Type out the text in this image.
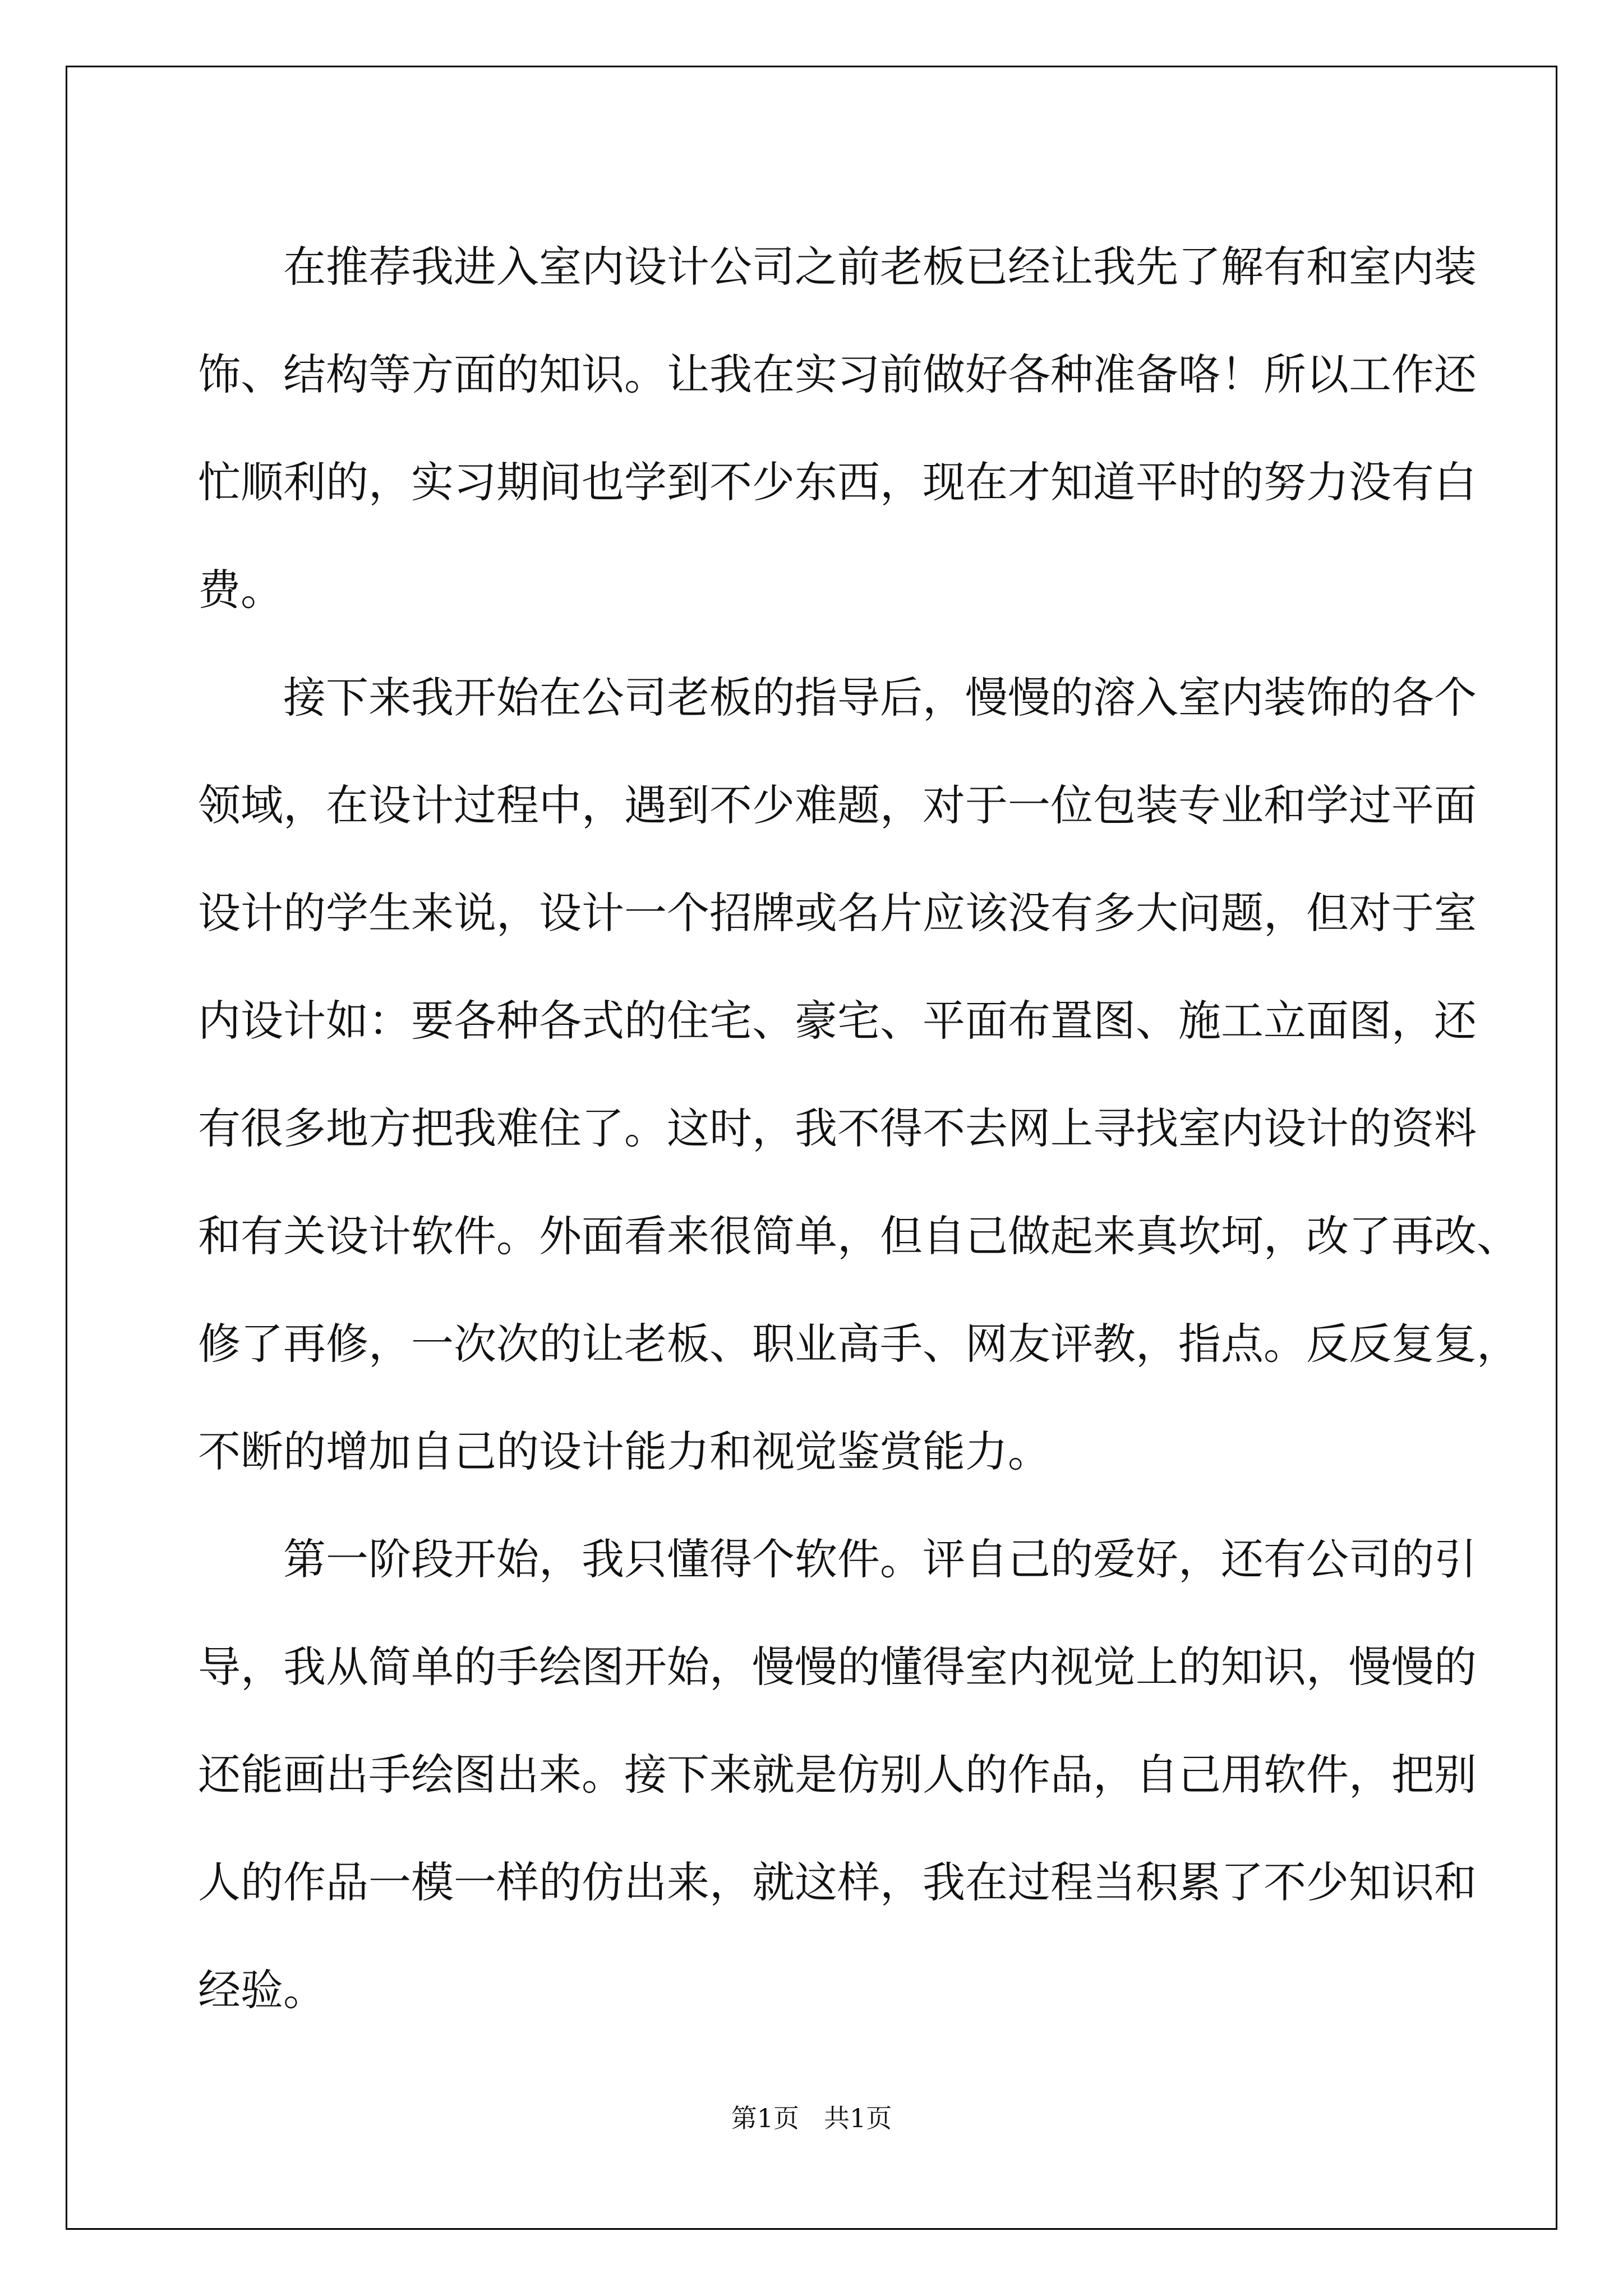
在推荐我进入室内设计公司之前老板已经让我先了解有和室内装
饰、结构等方面的知识。让我在实习前做好各种准备咯！所以工作还
忙顺利的，实习期间也学到不少东西，现在才知道平时的努力没有白
费。
接下来我开始在公司老板的指导后，慢慢的溶入室内装饰的各个
领域，在设计过程中，遇到不少难题，对于一位包装专业和学过平面
设计的学生来说，设计一个招牌或名片应该没有多大问题，但对于室
内设计如：要各种各式的住宅、豪宅、平面布置图、施工立面图，还
有很多地方把我难住了。这时，我不得不去网上寻找室内设计的资料
和有关设计软件。外面看来很简单，但自己做起来真坎坷，改了再改、
修了再修，一次次的让老板、职业高手、网友评教，指点。反反复复，
不断的增加自己的设计能力和视觉鉴赏能力。
第一阶段开始，我只懂得个软件。评自己的爱好，还有公司的引
导，我从简单的手绘图开始，慢慢的懂得室内视觉上的知识，慢慢的
还能画出手绘图出来。接下来就是仿别人的作品，自己用软件，把别
人的作品一模一样的仿出来，就这样，我在过程当积累了不少知识和
经验。
第1页 共1页
